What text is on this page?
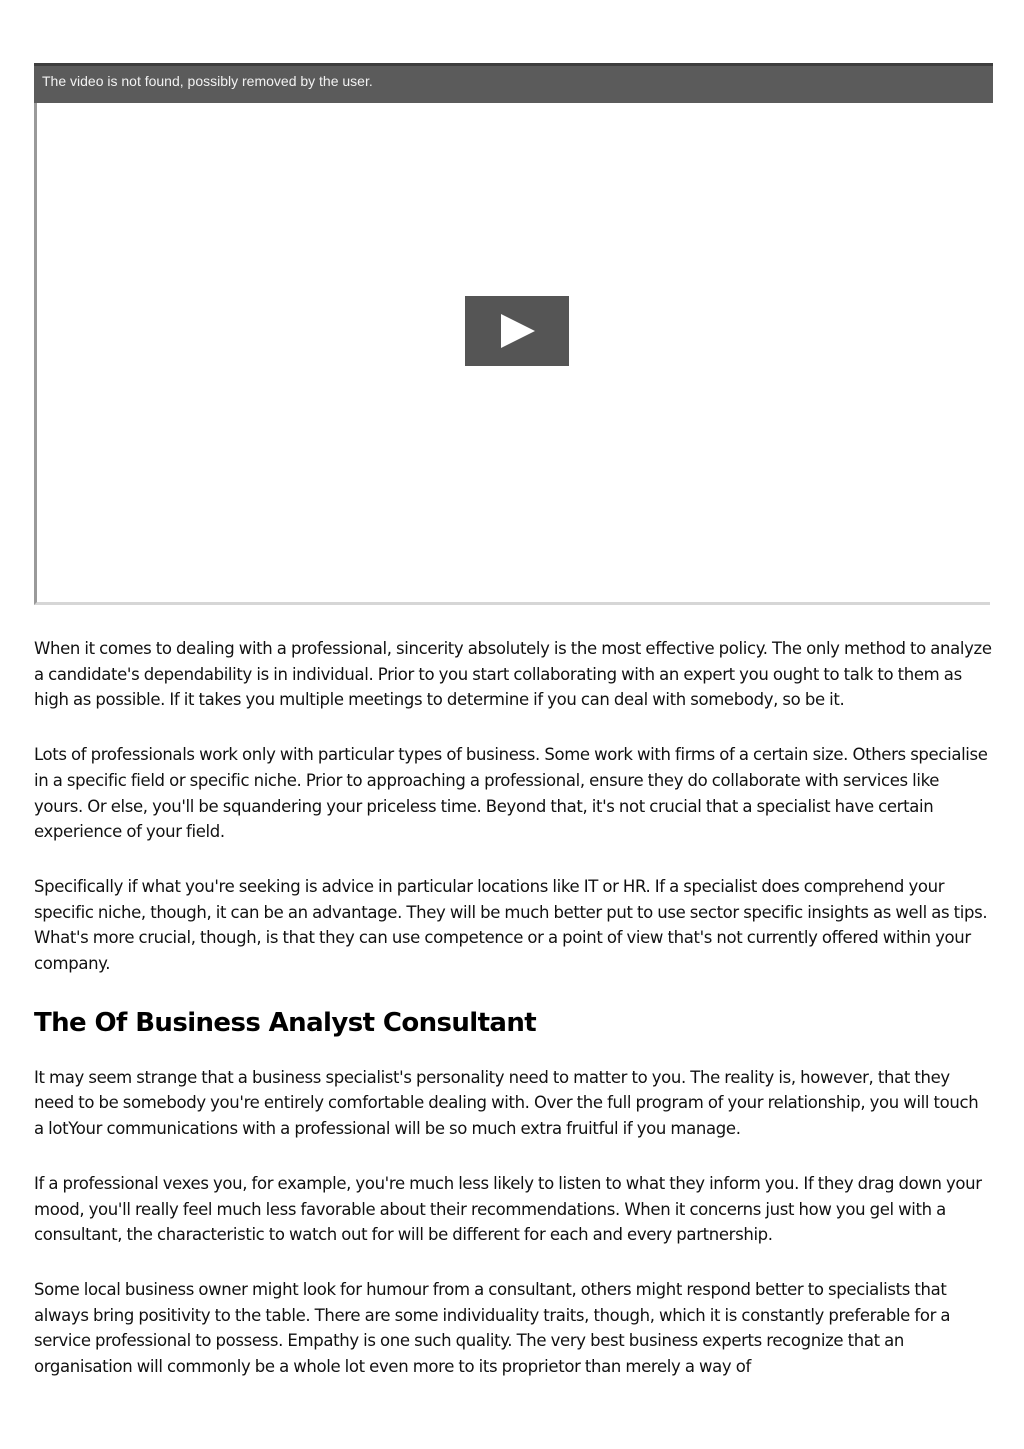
The video is not found, possibly removed by the user.

When it comes to dealing with a professional, sincerity absolutely is the most effective policy. The only method to analyze a candidate's dependability is in individual. Prior to you start collaborating with an expert you ought to talk to them as high as possible. If it takes you multiple meetings to determine if you can deal with somebody, so be it.

Lots of professionals work only with particular types of business. Some work with firms of a certain size. Others specialise in a specific field or specific niche. Prior to approaching a professional, ensure they do collaborate with services like yours. Or else, you'll be squandering your priceless time. Beyond that, it's not crucial that a specialist have certain experience of your field.

Specifically if what you're seeking is advice in particular locations like IT or HR. If a specialist does comprehend your specific niche, though, it can be an advantage. They will be much better put to use sector specific insights as well as tips. What's more crucial, though, is that they can use competence or a point of view that's not currently offered within your company.

The Of Business Analyst Consultant

It may seem strange that a business specialist's personality need to matter to you. The reality is, however, that they need to be somebody you're entirely comfortable dealing with. Over the full program of your relationship, you will touch a lotYour communications with a professional will be so much extra fruitful if you manage.

If a professional vexes you, for example, you're much less likely to listen to what they inform you. If they drag down your mood, you'll really feel much less favorable about their recommendations. When it concerns just how you gel with a consultant, the characteristic to watch out for will be different for each and every partnership.

Some local business owner might look for humour from a consultant, others might respond better to specialists that always bring positivity to the table. There are some individuality traits, though, which it is constantly preferable for a service professional to possess. Empathy is one such quality. The very best business experts recognize that an organisation will commonly be a whole lot even more to its proprietor than merely a way of
